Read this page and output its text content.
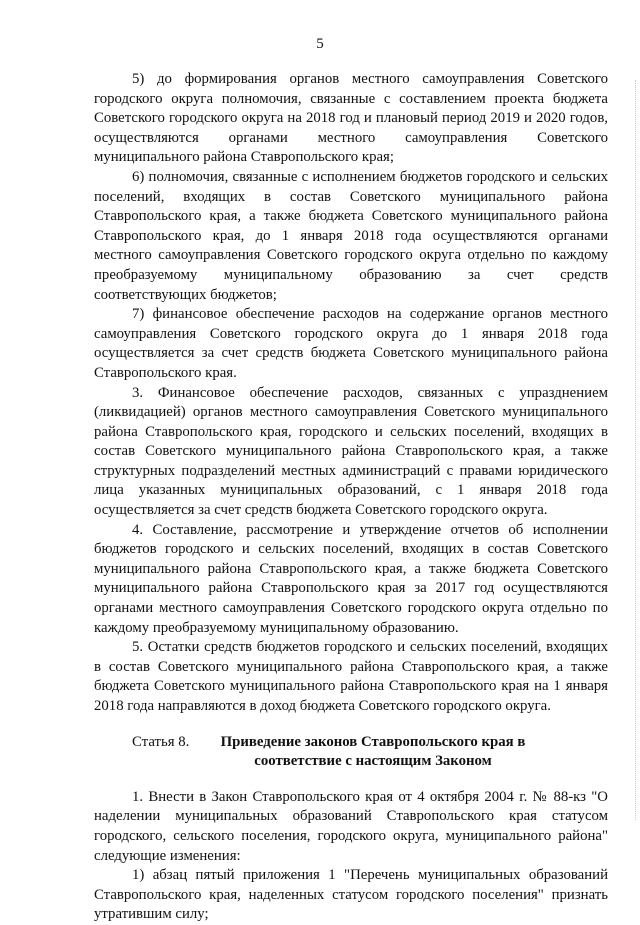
5

5) до формирования органов местного самоуправления Советского городского округа полномочия, связанные с составлением проекта бюджета Советского городского округа на 2018 год и плановый период 2019 и 2020 годов, осуществляются органами местного самоуправления Советского муниципального района Ставропольского края;

6) полномочия, связанные с исполнением бюджетов городского и сельских поселений, входящих в состав Советского муниципального района Ставропольского края, а также бюджета Советского муниципального района Ставропольского края, до 1 января 2018 года осуществляются органами местного самоуправления Советского городского округа отдельно по каждому преобразуемому муниципальному образованию за счет средств соответствующих бюджетов;

7) финансовое обеспечение расходов на содержание органов местного самоуправления Советского городского округа до 1 января 2018 года осуществляется за счет средств бюджета Советского муниципального района Ставропольского края.

3. Финансовое обеспечение расходов, связанных с упразднением (ликвидацией) органов местного самоуправления Советского муниципального района Ставропольского края, городского и сельских поселений, входящих в состав Советского муниципального района Ставропольского края, а также структурных подразделений местных администраций с правами юридического лица указанных муниципальных образований, с 1 января 2018 года осуществляется за счет средств бюджета Советского городского округа.

4. Составление, рассмотрение и утверждение отчетов об исполнении бюджетов городского и сельских поселений, входящих в состав Советского муниципального района Ставропольского края, а также бюджета Советского муниципального района Ставропольского края за 2017 год осуществляются органами местного самоуправления Советского городского округа отдельно по каждому преобразуемому муниципальному образованию.

5. Остатки средств бюджетов городского и сельских поселений, входящих в состав Советского муниципального района Ставропольского края, а также бюджета Советского муниципального района Ставропольского края на 1 января 2018 года направляются в доход бюджета Советского городского округа.

Статья 8.	Приведение законов Ставропольского края в соответствие с настоящим Законом

1. Внести в Закон Ставропольского края от 4 октября 2004 г. № 88-кз "О наделении муниципальных образований Ставропольского края статусом городского, сельского поселения, городского округа, муниципального района" следующие изменения:

1) абзац пятый приложения 1 "Перечень муниципальных образований Ставропольского края, наделенных статусом городского поселения" признать утратившим силу;
